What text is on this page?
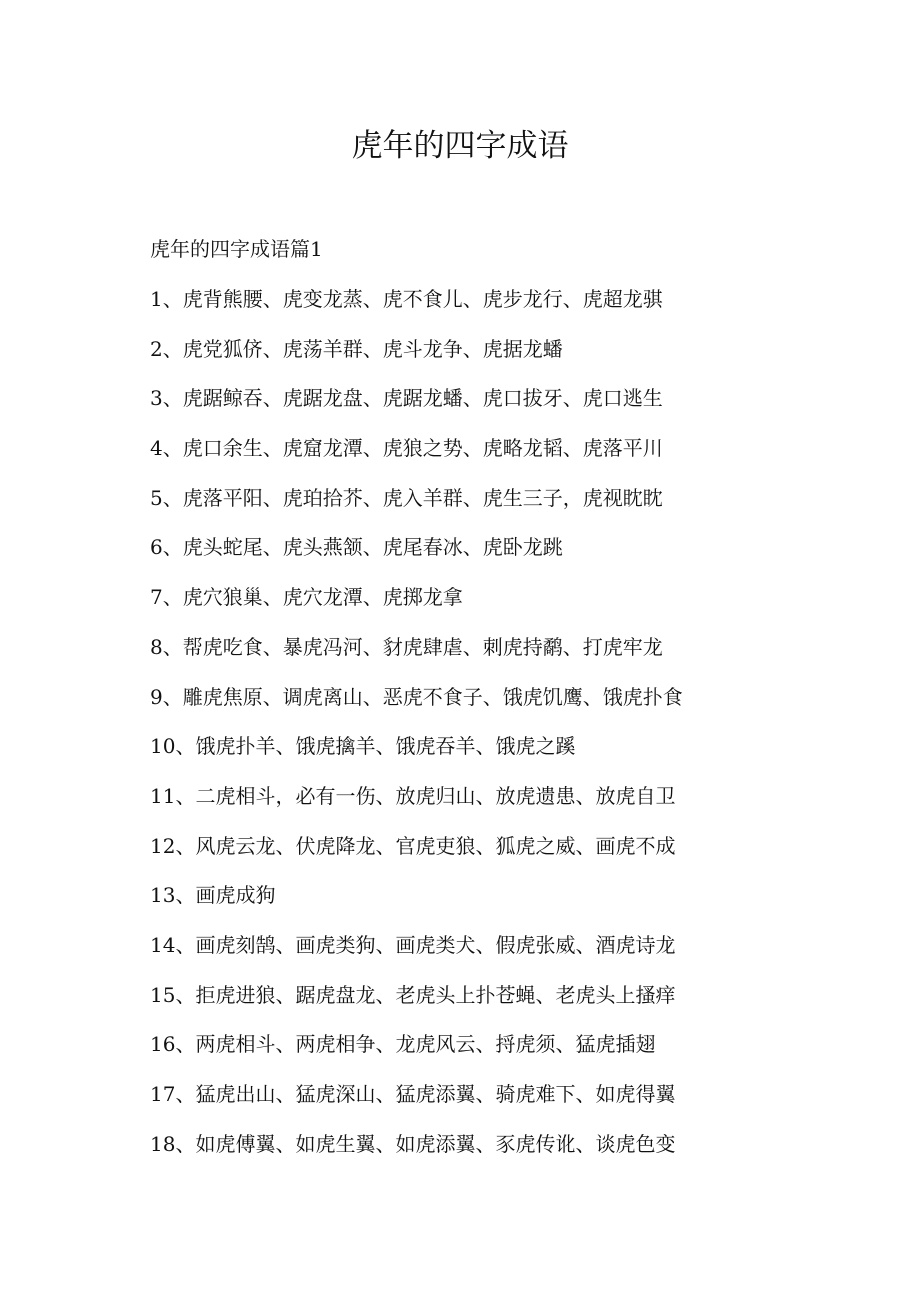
虎年的四字成语

虎年的四字成语篇1

1、虎背熊腰、虎变龙蒸、虎不食儿、虎步龙行、虎超龙骐
2、虎党狐侪、虎荡羊群、虎斗龙争、虎据龙蟠
3、虎踞鲸吞、虎踞龙盘、虎踞龙蟠、虎口拔牙、虎口逃生
4、虎口余生、虎窟龙潭、虎狼之势、虎略龙韬、虎落平川
5、虎落平阳、虎珀拾芥、虎入羊群、虎生三子，虎视眈眈
6、虎头蛇尾、虎头燕颔、虎尾春冰、虎卧龙跳
7、虎穴狼巢、虎穴龙潭、虎掷龙拿
8、帮虎吃食、暴虎冯河、豺虎肆虐、刺虎持鹬、打虎牢龙
9、雕虎焦原、调虎离山、恶虎不食子、饿虎饥鹰、饿虎扑食
10、饿虎扑羊、饿虎擒羊、饿虎吞羊、饿虎之蹊
11、二虎相斗，必有一伤、放虎归山、放虎遗患、放虎自卫
12、风虎云龙、伏虎降龙、官虎吏狼、狐虎之威、画虎不成
13、画虎成狗
14、画虎刻鹄、画虎类狗、画虎类犬、假虎张威、酒虎诗龙
15、拒虎进狼、踞虎盘龙、老虎头上扑苍蝇、老虎头上搔痒
16、两虎相斗、两虎相争、龙虎风云、捋虎须、猛虎插翅
17、猛虎出山、猛虎深山、猛虎添翼、骑虎难下、如虎得翼
18、如虎傅翼、如虎生翼、如虎添翼、豕虎传讹、谈虎色变
